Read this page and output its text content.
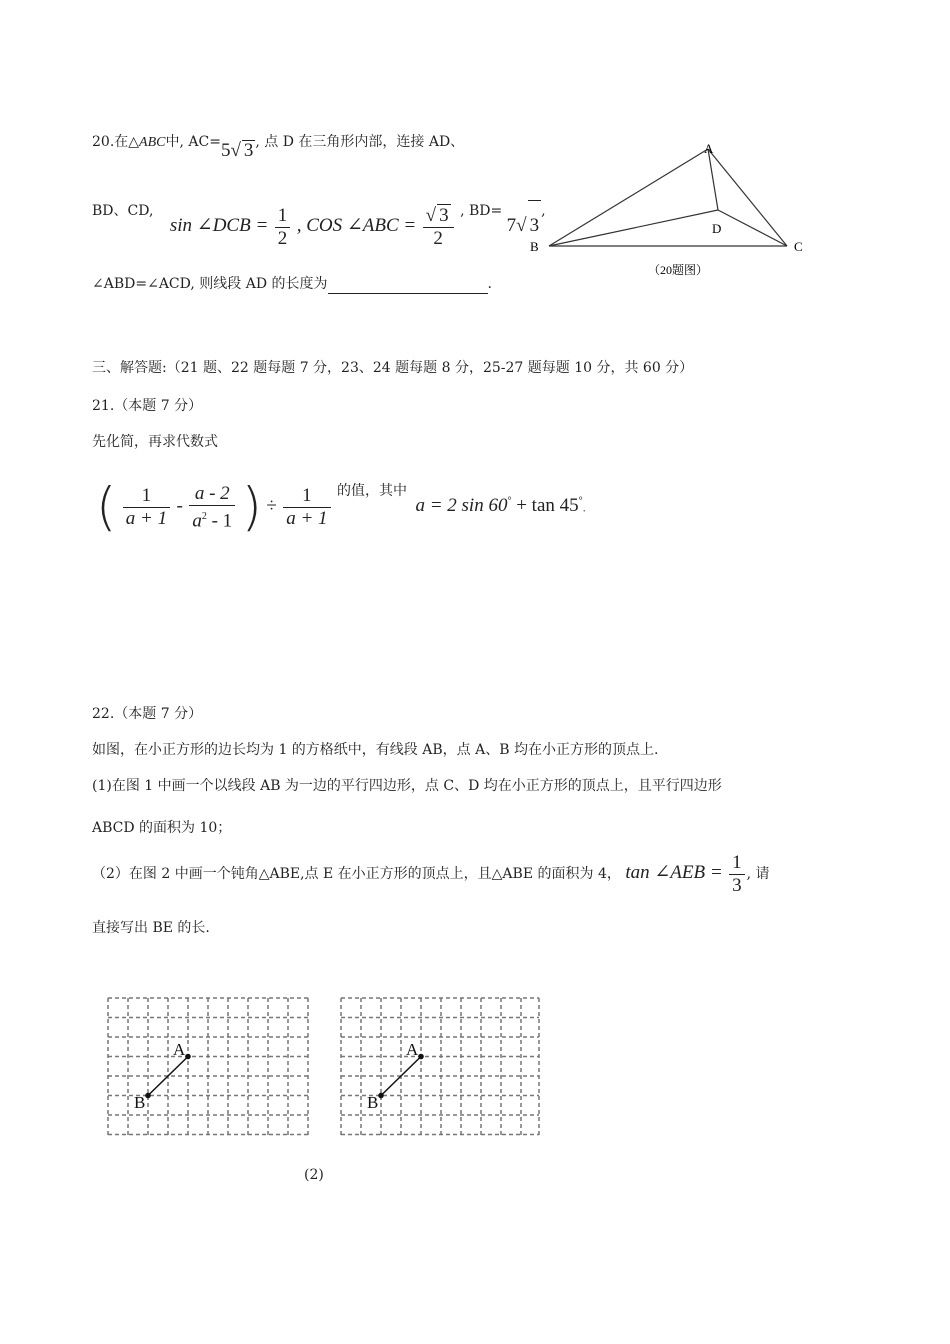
20.在△ABC中, AC=5√ 3 , 点 D 在三角形内部，连接 AD、
BD、CD, sin ∠DCB = $\frac{1}{2}$ , COS ∠ABC = $\frac{√ 3}{2}$ , BD= 7√ 3,
∠ABD=∠ACD, 则线段 AD 的长度为	.
A
B	C
D
（20题图）
三、解答题:（21 题、22 题每题 7 分，23、24 题每题 8 分，25-27 题每题 10 分，共 60 分）
21.（本题 7 分）
先化简，再求代数式
( $\frac{1}{a + 1} - \frac{a - 2}{a^2 - 1}$ ) ÷ $\frac{1}{a + 1}$ 的值，其中 a = 2 sin 60° + tan 45°.
22.（本题 7 分）
如图，在小正方形的边长均为 1 的方格纸中，有线段 AB，点 A、B 均在小正方形的顶点上.
(1)在图 1 中画一个以线段 AB 为一边的平行四边形，点 C、D 均在小正方形的顶点上，且平行四边形
ABCD 的面积为 10；
（2）在图 2 中画一个钝角△ABE,点 E 在小正方形的顶点上，且△ABE 的面积为 4， tan ∠AEB = $\frac{1}{3}$ , 请
直接写出 BE 的长.
A
B
A
B
(2)
